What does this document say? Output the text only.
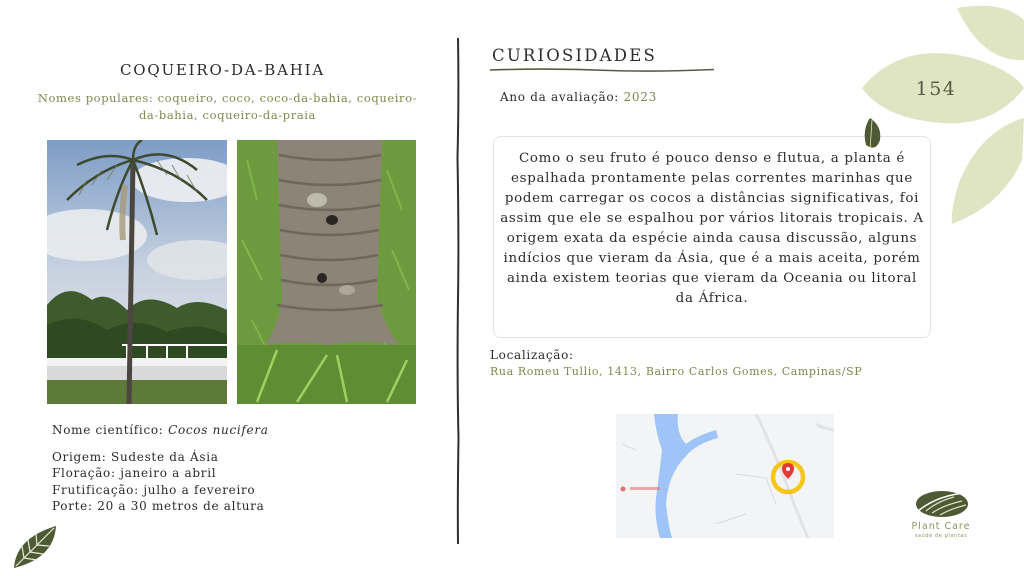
COQUEIRO-DA-BAHIA
Nomes populares: coqueiro, coco, coco-da-bahia, coqueiro-da-bahia, coqueiro-da-praia
Nome científico: Cocos nucifera
Origem: Sudeste da Ásia
Floração: janeiro a abril
Frutificação: julho a fevereiro
Porte: 20 a 30 metros de altura
CURIOSIDADES
Ano da avaliação: 2023
Como o seu fruto é pouco denso e flutua, a planta é espalhada prontamente pelas correntes marinhas que podem carregar os cocos a distâncias significativas, foi assim que ele se espalhou por vários litorais tropicais. A origem exata da espécie ainda causa discussão, alguns indícios que vieram da Ásia, que é a mais aceita, porém ainda existem teorias que vieram da Oceania ou litoral da África.
Localização:
Rua Romeu Tullio, 1413, Bairro Carlos Gomes, Campinas/SP
154
Plant Care
saúde de plantas
